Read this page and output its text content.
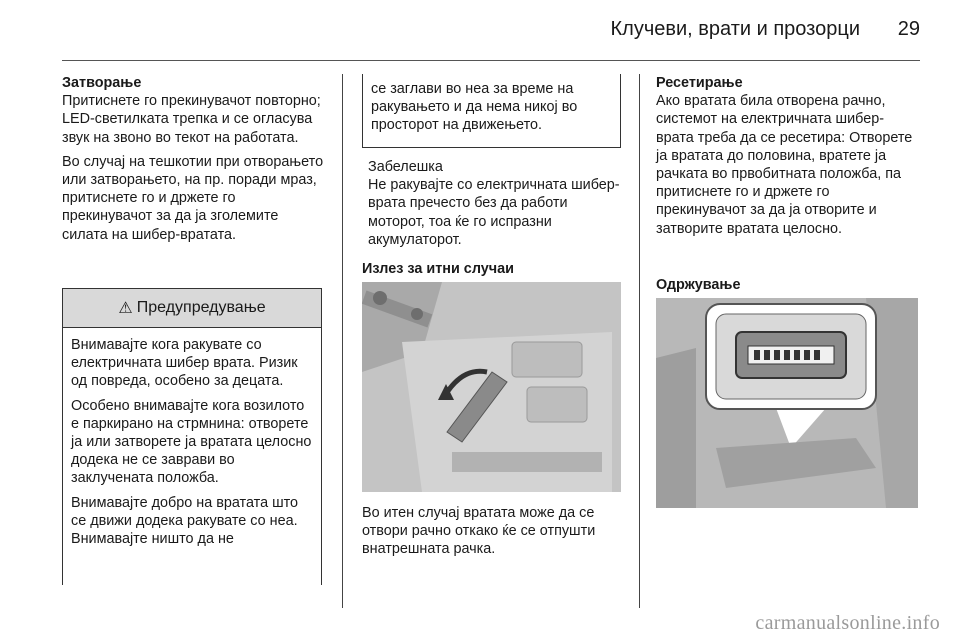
Клучеви, врати и прозорци	29
Затворање

Притиснете го прекинувачот повторно; LED-светилката трепка и се огласува звук на звоно во текот на работата.

Во случај на тешкотии при отворањето или затворањето, на пр. поради мраз, притиснете го и држете го прекинувачот за да ја зголемите силата на шибер-вратата.

⚠ Предупредување

Внимавајте кога ракувате со електричната шибер врата. Ризик од повреда, особено за децата.

Особено внимавајте кога возилото е паркирано на стрмнина: отворете ја или затворете ја вратата целосно додека не се заврави во заклучената положба.

Внимавајте добро на вратата што се движи додека ракувате со неа. Внимавајте ништо да не

се заглави во неа за време на ракувањето и да нема никој во просторот на движењето.
Забелешка

Не ракувајте со електричната шибер-врата пречесто без да работи моторот, тоа ќе го испразни акумулаторот.

Излез за итни случаи

Во итен случај вратата може да се отвори рачно откако ќе се отпушти внатрешната рачка.

Ресетирање

Ако вратата била отворена рачно, системот на електричната шибер-врата треба да се ресетира: Отворете ја вратата до половина, вратете ја рачката во првобитната положба, па притиснете го и држете го прекинувачот за да ја отворите и затворите вратата целосно.

Одржување
carmanualsonline.info
